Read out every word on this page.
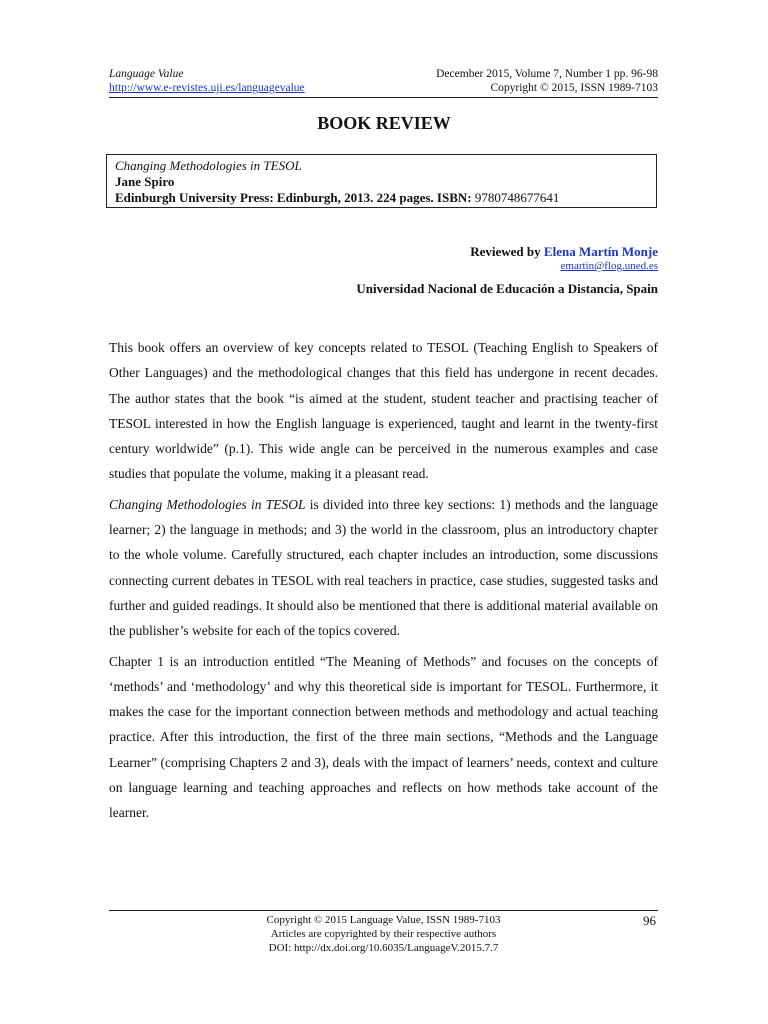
Language Value	December 2015, Volume 7, Number 1 pp. 96-98
http://www.e-revistes.uji.es/languagevalue	Copyright © 2015, ISSN 1989-7103
BOOK REVIEW
Changing Methodologies in TESOL
Jane Spiro
Edinburgh University Press: Edinburgh, 2013. 224 pages. ISBN: 9780748677641
Reviewed by Elena Martín Monje
emartin@flog.uned.es
Universidad Nacional de Educación a Distancia, Spain

This book offers an overview of key concepts related to TESOL (Teaching English to Speakers of Other Languages) and the methodological changes that this field has undergone in recent decades. The author states that the book “is aimed at the student, student teacher and practising teacher of TESOL interested in how the English language is experienced, taught and learnt in the twenty-first century worldwide” (p.1). This wide angle can be perceived in the numerous examples and case studies that populate the volume, making it a pleasant read.

Changing Methodologies in TESOL is divided into three key sections: 1) methods and the language learner; 2) the language in methods; and 3) the world in the classroom, plus an introductory chapter to the whole volume. Carefully structured, each chapter includes an introduction, some discussions connecting current debates in TESOL with real teachers in practice, case studies, suggested tasks and further and guided readings. It should also be mentioned that there is additional material available on the publisher’s website for each of the topics covered.

Chapter 1 is an introduction entitled “The Meaning of Methods” and focuses on the concepts of ‘methods’ and ‘methodology’ and why this theoretical side is important for TESOL. Furthermore, it makes the case for the important connection between methods and methodology and actual teaching practice. After this introduction, the first of the three main sections, “Methods and the Language Learner” (comprising Chapters 2 and 3), deals with the impact of learners’ needs, context and culture on language learning and teaching approaches and reflects on how methods take account of the learner.

Copyright © 2015 Language Value, ISSN 1989-7103
Articles are copyrighted by their respective authors
DOI: http://dx.doi.org/10.6035/LanguageV.2015.7.7
96
